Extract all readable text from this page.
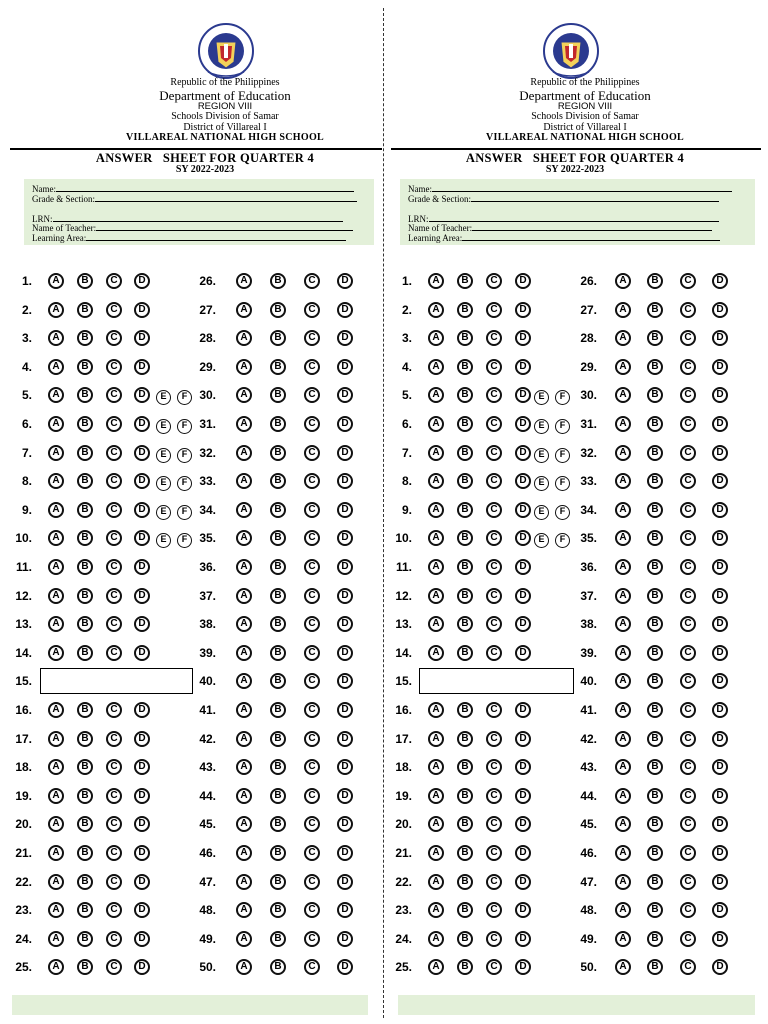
Republic of the Philippines
Department of Education
REGION VIII
Schools Division of Samar
District of Villareal I
VILLAREAL NATIONAL HIGH SCHOOL
ANSWER   SHEET FOR QUARTER 4
SY 2022-2023
Name:
Grade & Section:
LRN:
Name of Teacher:
Learning Area:
1.	A	B	C	D	26.	A	B	C	D
2.	A	B	C	D	27.	A	B	C	D
3.	A	B	C	D	28.	A	B	C	D
4.	A	B	C	D	29.	A	B	C	D
5.	A	B	C	D	E	F	30.	A	B	C	D
6.	A	B	C	D	E	F	31.	A	B	C	D
7.	A	B	C	D	E	F	32.	A	B	C	D
8.	A	B	C	D	E	F	33.	A	B	C	D
9.	A	B	C	D	E	F	34.	A	B	C	D
10.	A	B	C	D	E	F	35.	A	B	C	D
11.	A	B	C	D	36.	A	B	C	D
12.	A	B	C	D	37.	A	B	C	D
13.	A	B	C	D	38.	A	B	C	D
14.	A	B	C	D	39.	A	B	C	D
15.	40.	A	B	C	D
16.	A	B	C	D	41.	A	B	C	D
17.	A	B	C	D	42.	A	B	C	D
18.	A	B	C	D	43.	A	B	C	D
19.	A	B	C	D	44.	A	B	C	D
20.	A	B	C	D	45.	A	B	C	D
21.	A	B	C	D	46.	A	B	C	D
22.	A	B	C	D	47.	A	B	C	D
23.	A	B	C	D	48.	A	B	C	D
24.	A	B	C	D	49.	A	B	C	D
25.	A	B	C	D	50.	A	B	C	D
Republic of the Philippines
Department of Education
REGION VIII
Schools Division of Samar
District of Villareal I
VILLAREAL NATIONAL HIGH SCHOOL
ANSWER   SHEET FOR QUARTER 4
SY 2022-2023
Name:
Grade & Section:
LRN:
Name of Teacher:
Learning Area:
1.	A	B	C	D	26.	A	B	C	D
2.	A	B	C	D	27.	A	B	C	D
3.	A	B	C	D	28.	A	B	C	D
4.	A	B	C	D	29.	A	B	C	D
5.	A	B	C	D	E	F	30.	A	B	C	D
6.	A	B	C	D	E	F	31.	A	B	C	D
7.	A	B	C	D	E	F	32.	A	B	C	D
8.	A	B	C	D	E	F	33.	A	B	C	D
9.	A	B	C	D	E	F	34.	A	B	C	D
10.	A	B	C	D	E	F	35.	A	B	C	D
11.	A	B	C	D	36.	A	B	C	D
12.	A	B	C	D	37.	A	B	C	D
13.	A	B	C	D	38.	A	B	C	D
14.	A	B	C	D	39.	A	B	C	D
15.	40.	A	B	C	D
16.	A	B	C	D	41.	A	B	C	D
17.	A	B	C	D	42.	A	B	C	D
18.	A	B	C	D	43.	A	B	C	D
19.	A	B	C	D	44.	A	B	C	D
20.	A	B	C	D	45.	A	B	C	D
21.	A	B	C	D	46.	A	B	C	D
22.	A	B	C	D	47.	A	B	C	D
23.	A	B	C	D	48.	A	B	C	D
24.	A	B	C	D	49.	A	B	C	D
25.	A	B	C	D	50.	A	B	C	D
